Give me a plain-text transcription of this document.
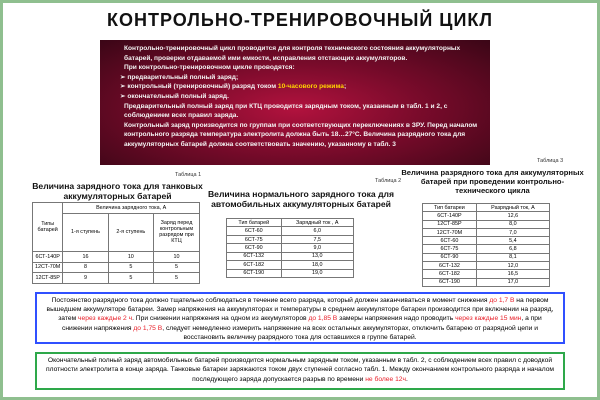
КОНТРОЛЬНО-ТРЕНИРОВОЧНЫЙ ЦИКЛ

Контрольно-тренировочный цикл проводится для контроля технического состояния аккумуляторных батарей, проверки отдаваемой ими емкости, исправления отстающих аккумуляторов.

При контрольно-тренировочном цикле проводятся:

➢ предварительный полный заряд;

➢ контрольный (тренировочный) разряд током 10-часового режима;

➢ окончательный полный заряд.

Предварительный полный заряд при КТЦ проводится зарядным током, указанным в табл. 1 и 2, с соблюдением всех правил заряда.

Контрольный заряд производится по группам при соответствующих переключениях в ЗРУ. Перед началом контрольного разряда температура электролита должна быть 18…27°С. Величина разрядного тока для аккумуляторных батарей должна соответствовать значению, указанному в табл. 3

Таблица 1
Величина зарядного тока для танковых аккумуляторных батарей
Типы батарей	Величина зарядного тока, А		
	1-я ступень	2-я ступень	Заряд перед контрольным разрядом при КТЦ
6СТ-140Р	16	10	10
12СТ-70М	8	5	5
12СТ-85Р	9	5	5
Таблица 2
Величина нормального зарядного тока для автомобильных аккумуляторных батарей
Тип батарей	Зарядный ток , А
6СТ-60	6,0
6СТ-75	7,5
6СТ-90	9,0
6СТ-132	13,0
6СТ-182	18,0
6СТ-190	19,0
Таблица 3
Величина разрядного тока для аккумуляторных батарей при проведении контрольно-технического цикла
Тип батареи	Разрядный ток, А
6СТ-140Р	12,6
12СТ-85Р	8,0
12СТ-70М	7,0
6СТ-60	5,4
6СТ-75	6,8
6СТ-90	8,1
6СТ-132	12,0
6СТ-182	16,5
6СТ-190	17,0
Постоянство разрядного тока должно тщательно соблюдаться в течение всего разряда, который должен заканчиваться в момент снижения до 1,7 В на первом вышедшем аккумуляторе батареи. Замер напряжения на аккумуляторах и температуры в среднем аккумуляторе батареи производится при включении на разряд, затем через каждые 2 ч. При снижении напряжения на одном из аккумуляторов до 1,85 В замеры напряжения надо проводить через каждые 15 мин, а при снижении напряжения до 1,75 В, следует немедленно измерить напряжение на всех остальных аккумуляторах, отключить батарею от разрядной цепи и восстановить величину разрядного тока для оставшихся в группе батарей.
Окончательный полный заряд автомобильных батарей производится нормальным зарядным током, указанным в табл. 2, с соблюдением всех правил с доводкой плотности электролита в конце заряда. Танковые батареи заряжаются током двух ступеней согласно табл. 1. Между окончанием контрольного разряда и началом последующего заряда допускается разрыв по времени не более 12ч.
